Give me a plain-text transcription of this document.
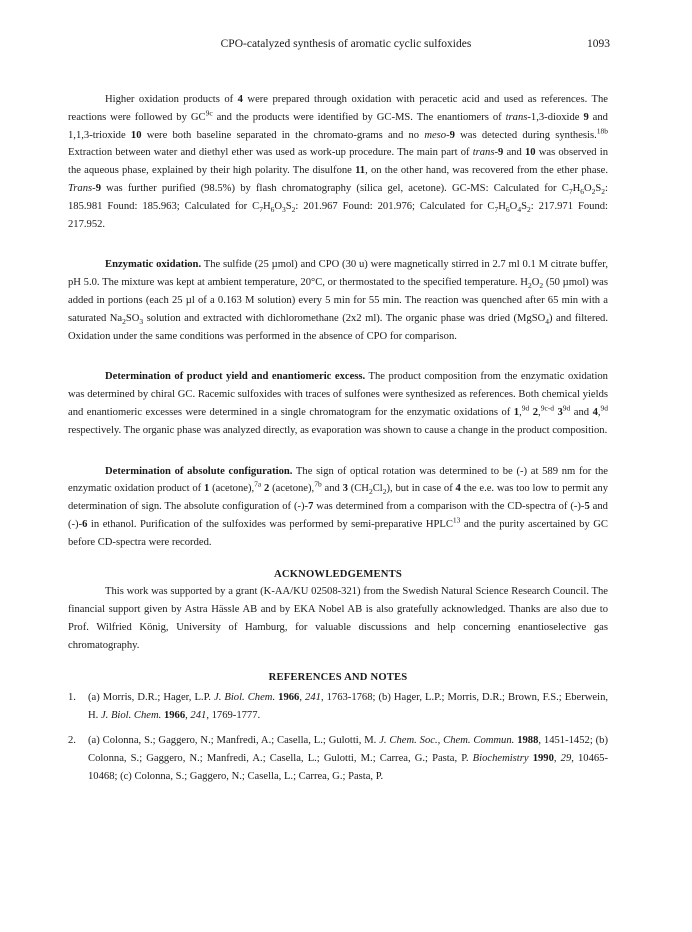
CPO-catalyzed synthesis of aromatic cyclic sulfoxides	1093

Higher oxidation products of 4 were prepared through oxidation with peracetic acid and used as references. The reactions were followed by $GC^{9c}$ and the products were identified by GC-MS. The enantiomers of trans-1,3-dioxide 9 and 1,1,3-trioxide 10 were both baseline separated in the chromato-grams and no meso-9 was detected during synthesis.$^{18b}$ Extraction between water and diethyl ether was used as work-up procedure. The main part of trans-9 and 10 was observed in the aqueous phase, explained by their high polarity. The disulfone 11, on the other hand, was recovered from the ether phase. Trans-9 was further purified (98.5%) by flash chromatography (silica gel, acetone). GC-MS: Calculated for $C_7H_6O_2S_2$: 185.981 Found: 185.963; Calculated for $C_7H_6O_3S_2$: 201.967 Found: 201.976; Calculated for $C_7H_6O_4S_2$: 217.971 Found: 217.952.

Enzymatic oxidation. The sulfide (25 µmol) and CPO (30 u) were magnetically stirred in 2.7 ml 0.1 M citrate buffer, pH 5.0. The mixture was kept at ambient temperature, 20°C, or thermostated to the specified temperature. $H_2O_2$ (50 µmol) was added in portions (each 25 µl of a 0.163 M solution) every 5 min for 55 min. The reaction was quenched after 65 min with a saturated $Na_2SO_3$ solution and extracted with dichloromethane (2x2 ml). The organic phase was dried (MgSO$_4$) and filtered. Oxidation under the same conditions was performed in the absence of CPO for comparison.

Determination of product yield and enantiomeric excess. The product composition from the enzymatic oxidation was determined by chiral GC. Racemic sulfoxides with traces of sulfones were synthesized as references. Both chemical yields and enantiomeric excesses were determined in a single chromatogram for the enzymatic oxidations of 1,$^{9d}$ 2,$^{9c-d}$ $3^{9d}$ and 4,$^{9d}$ respectively. The organic phase was analyzed directly, as evaporation was shown to cause a change in the product composition.

Determination of absolute configuration. The sign of optical rotation was determined to be (-) at 589 nm for the enzymatic oxidation product of 1 (acetone),$^{7a}$ 2 (acetone),$^{7b}$ and 3 $(CH_2Cl_2)$, but in case of 4 the e.e. was too low to permit any determination of sign. The absolute configuration of (-)-7 was determined from a comparison with the CD-spectra of (-)-5 and (-)-6 in ethanol. Purification of the sulfoxides was performed by semi-preparative HPLC$^{13}$ and the purity ascertained by GC before CD-spectra were recorded.

ACKNOWLEDGEMENTS

This work was supported by a grant (K-AA/KU 02508-321) from the Swedish Natural Science Research Council. The financial support given by Astra Hässle AB and by EKA Nobel AB is also gratefully acknowledged. Thanks are also due to Prof. Wilfried König, University of Hamburg, for valuable discussions and help concerning enantioselective gas chromatography.

REFERENCES AND NOTES

1. (a) Morris, D.R.; Hager, L.P. J. Biol. Chem. 1966, 241, 1763-1768; (b) Hager, L.P.; Morris, D.R.; Brown, F.S.; Eberwein, H. J. Biol. Chem. 1966, 241, 1769-1777.

2. (a) Colonna, S.; Gaggero, N.; Manfredi, A.; Casella, L.; Gulotti, M. J. Chem. Soc., Chem. Commun. 1988, 1451-1452; (b) Colonna, S.; Gaggero, N.; Manfredi, A.; Casella, L.; Gulotti, M.; Carrea, G.; Pasta, P. Biochemistry 1990, 29, 10465-10468; (c) Colonna, S.; Gaggero, N.; Casella, L.; Carrea, G.; Pasta, P.
